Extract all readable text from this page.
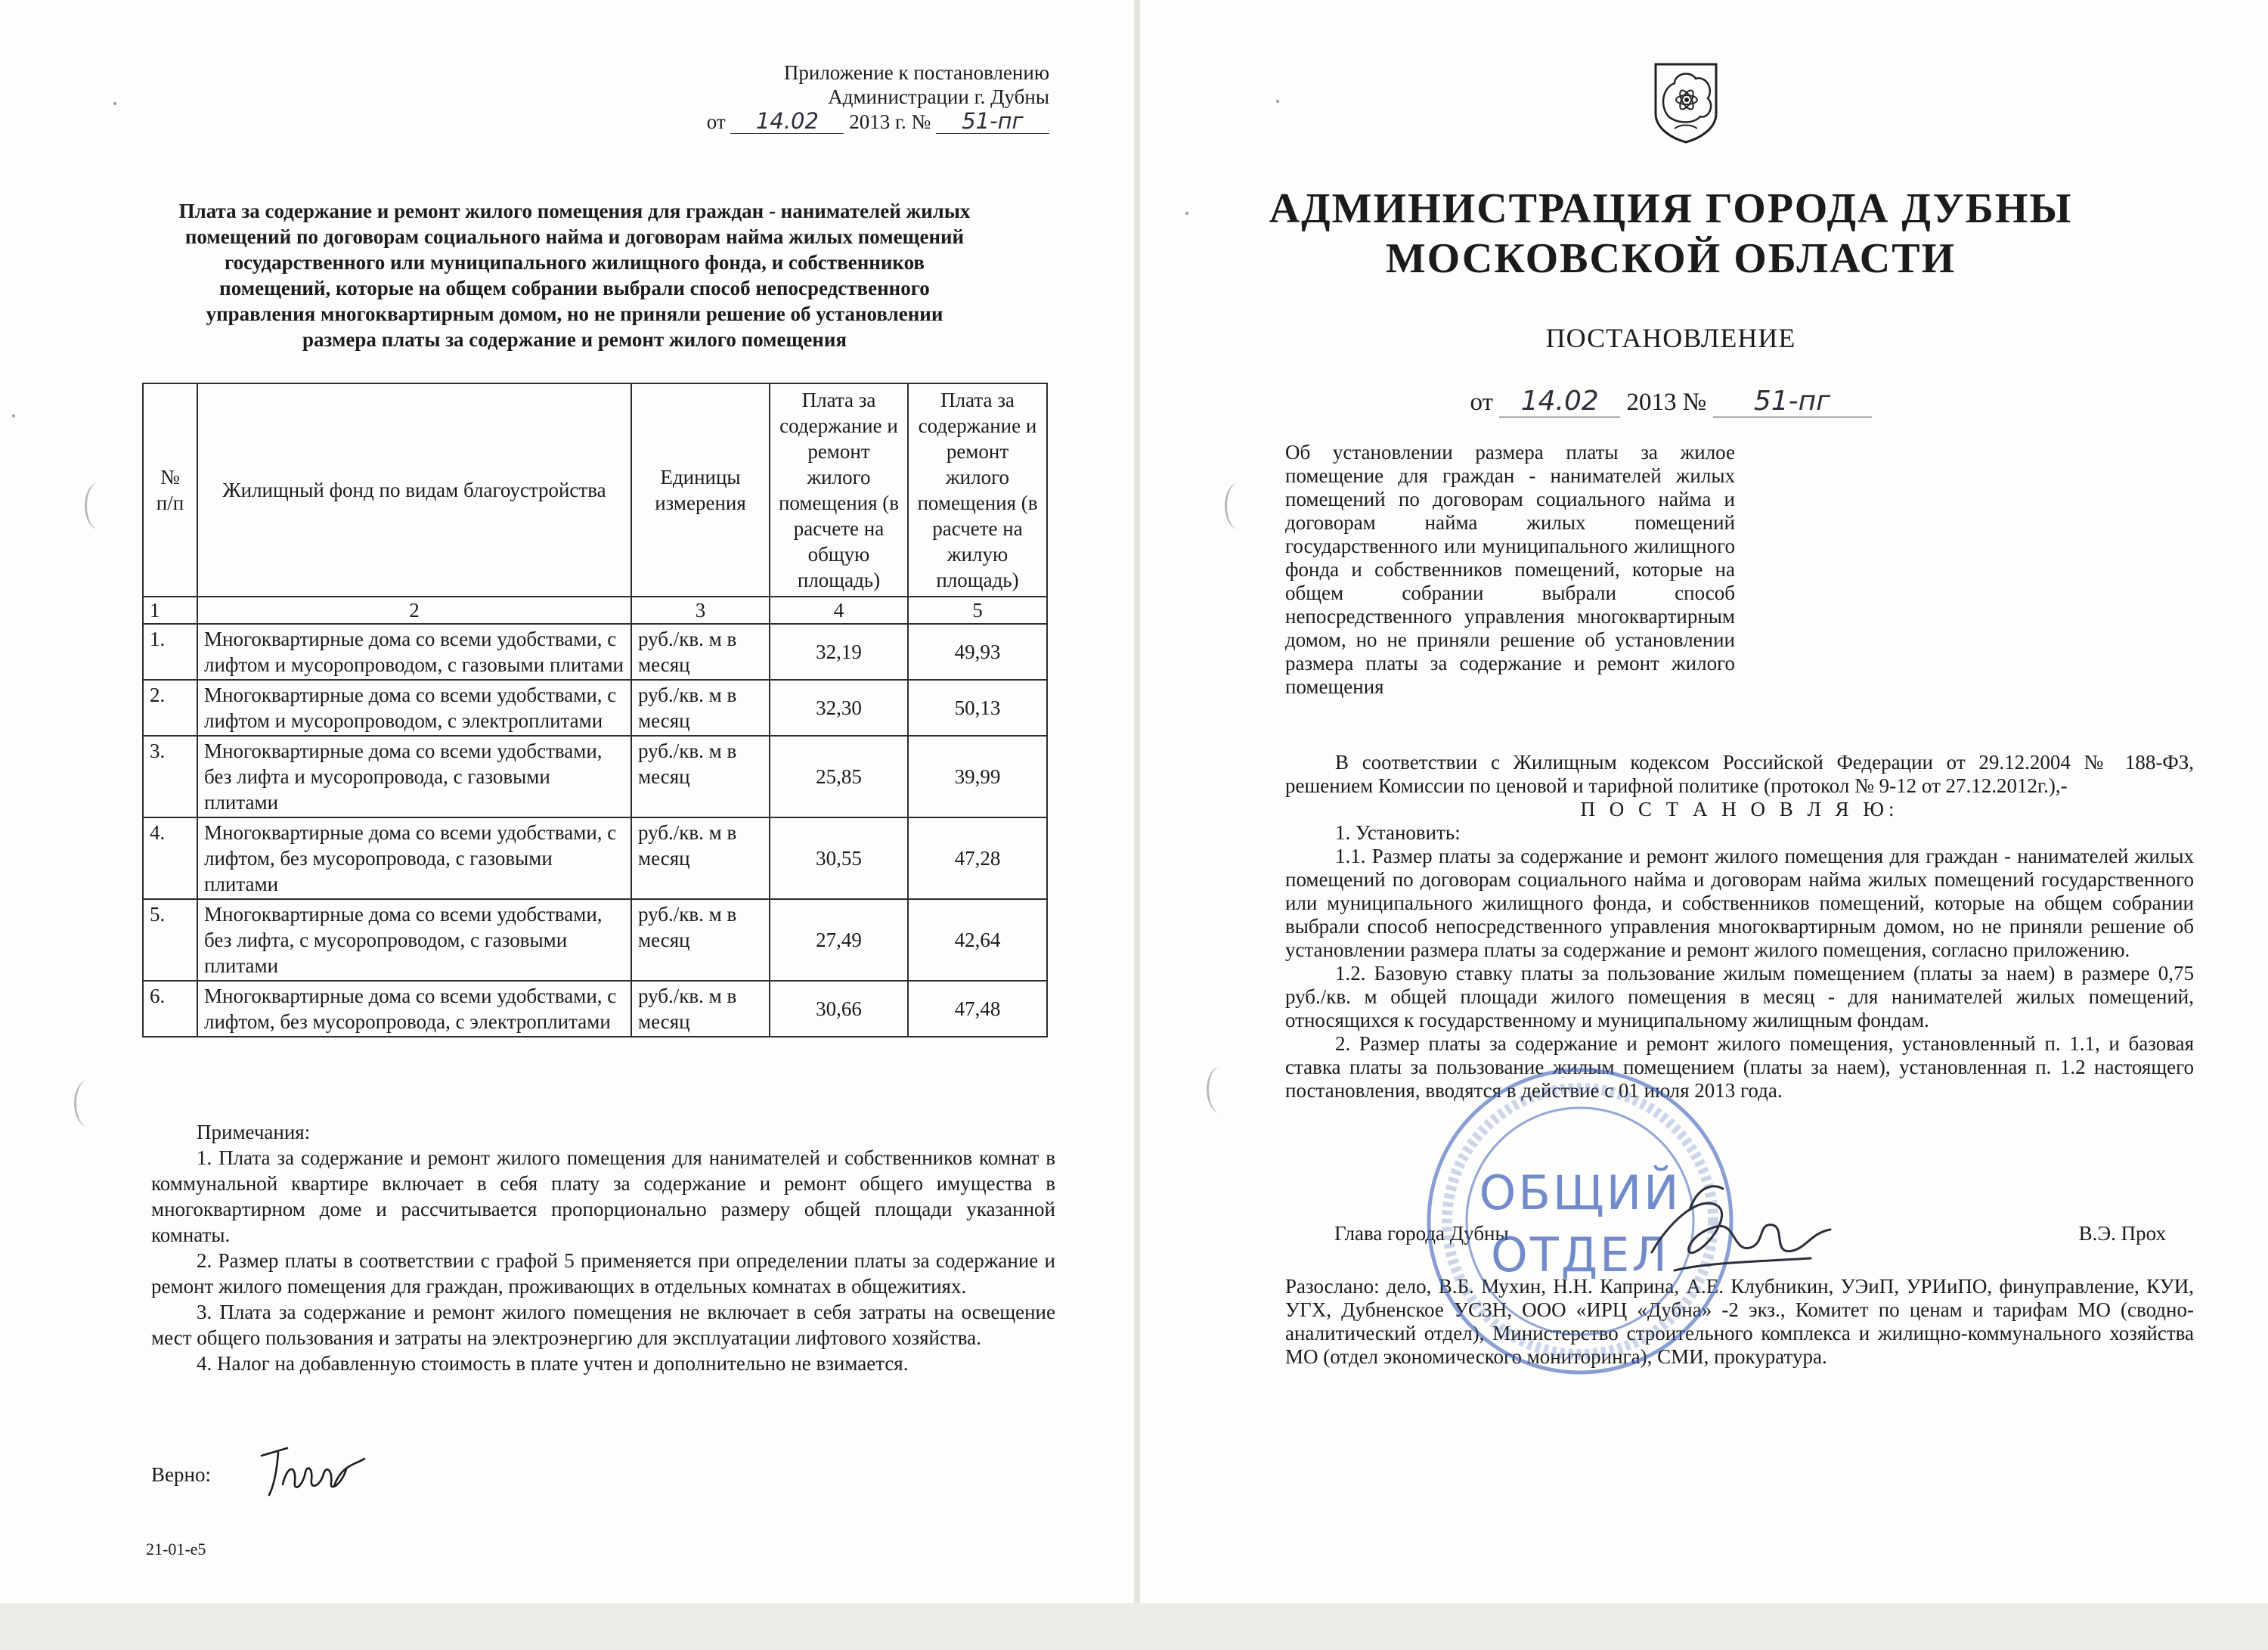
Приложение к постановлению
Администрации г. Дубны
от 14.02 2013 г. № 51-пг
Плата за содержание и ремонт жилого помещения для граждан - нанимателей жилых
помещений по договорам социального найма и договорам найма жилых помещений
государственного или муниципального жилищного фонда, и собственников
помещений, которые на общем собрании выбрали способ непосредственного
управления многоквартирным домом, но не приняли решение об установлении
размера платы за содержание и ремонт жилого помещения
№ п/п	Жилищный фонд по видам благоустройства	Единицы измерения	Плата за содержание и ремонт жилого помещения (в расчете на общую площадь)	Плата за содержание и ремонт жилого помещения (в расчете на жилую площадь)
1	2	3	4	5
1.	Многоквартирные дома со всеми удобствами, с лифтом и мусоропроводом, с газовыми плитами	руб./кв. м в месяц	32,19	49,93
2.	Многоквартирные дома со всеми удобствами, с лифтом и мусоропроводом, с электроплитами	руб./кв. м в месяц	32,30	50,13
3.	Многоквартирные дома со всеми удобствами, без лифта и мусоропровода, с газовыми плитами	руб./кв. м в месяц	25,85	39,99
4.	Многоквартирные дома со всеми удобствами, с лифтом, без мусоропровода, с газовыми плитами	руб./кв. м в месяц	30,55	47,28
5.	Многоквартирные дома со всеми удобствами, без лифта, с мусоропроводом, с газовыми плитами	руб./кв. м в месяц	27,49	42,64
6.	Многоквартирные дома со всеми удобствами, с лифтом, без мусоропровода, с электроплитами	руб./кв. м в месяц	30,66	47,48

Примечания:

1. Плата за содержание и ремонт жилого помещения для нанимателей и собственников комнат в коммунальной квартире включает в себя плату за содержание и ремонт общего имущества в многоквартирном доме и рассчитывается пропорционально размеру общей площади указанной комнаты.

2. Размер платы в соответствии с графой 5 применяется при определении платы за содержание и ремонт жилого помещения для граждан, проживающих в отдельных комнатах в общежитиях.

3. Плата за содержание и ремонт жилого помещения не включает в себя затраты на освещение мест общего пользования и затраты на электроэнергию для эксплуатации лифтового хозяйства.

4. Налог на добавленную стоимость в плате учтен и дополнительно не взимается.

Верно:
21-01-е5
АДМИНИСТРАЦИЯ ГОРОДА ДУБНЫ
МОСКОВСКОЙ ОБЛАСТИ
ПОСТАНОВЛЕНИЕ
от 14.02 2013 № 51-пг
Об установлении размера платы за жилое помещение для граждан - нанимателей жилых помещений по договорам социального найма и договорам найма жилых помещений государственного или муниципального жилищного фонда и собственников помещений, которые на общем собрании выбрали способ непосредственного управления многоквартирным домом, но не приняли решение об установлении размера платы за содержание и ремонт жилого помещения

В соответствии с Жилищным кодексом Российской Федерации от 29.12.2004 № 188-ФЗ, решением Комиссии по ценовой и тарифной политике (протокол № 9-12 от 27.12.2012г.),-

П О С Т А Н О В Л Я Ю:

1. Установить:

1.1. Размер платы за содержание и ремонт жилого помещения для граждан - нанимателей жилых помещений по договорам социального найма и договорам найма жилых помещений государственного или муниципального жилищного фонда, и собственников помещений, которые на общем собрании выбрали способ непосредственного управления многоквартирным домом, но не приняли решение об установлении размера платы за содержание и ремонт жилого помещения, согласно приложению.

1.2. Базовую ставку платы за пользование жилым помещением (платы за наем) в размере 0,75 руб./кв. м общей площади жилого помещения в месяц - для нанимателей жилых помещений, относящихся к государственному и муниципальному жилищным фондам.

2. Размер платы за содержание и ремонт жилого помещения, установленный п. 1.1, и базовая ставка платы за пользование жилым помещением (платы за наем), установленная п. 1.2 настоящего постановления, вводятся в действие с 01 июля 2013 года.

Глава города Дубны	В.Э. Прох
Разослано: дело, В.Б. Мухин, Н.Н. Каприна, А.Е. Клубникин, УЭиП, УРИиПО, финуправление, КУИ, УГХ, Дубненское УСЗН, ООО «ИРЦ «Дубна» -2 экз., Комитет по ценам и тарифам МО (сводно-аналитический отдел), Министерство строительного комплекса и жилищно-коммунального хозяйства МО (отдел экономического мониторинга), СМИ, прокуратура.
ОБЩИЙ
ОТДЕЛ
